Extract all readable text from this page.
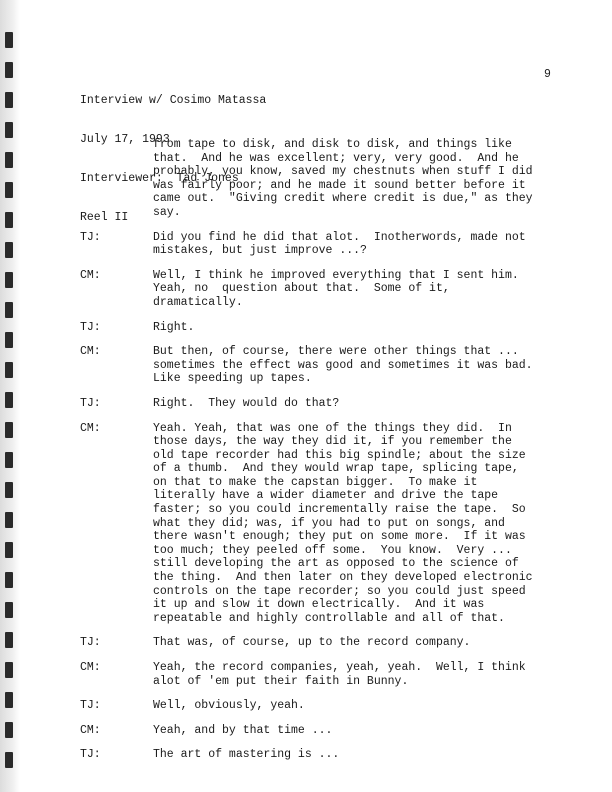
Interview w/ Cosimo Matassa

July 17, 1993

Interviewer:  Tad Jones

Reel II

9
from tape to disk, and disk to disk, and things like
that.  And he was excellent; very, very good.  And he
probably, you know, saved my chestnuts when stuff I did
was fairly poor; and he made it sound better before it
came out.  "Giving credit where credit is due," as they
say.
TJ:	Did you find he did that alot.  Inotherwords, made not
mistakes, but just improve ...?
CM:	Well, I think he improved everything that I sent him.
Yeah, no  question about that.  Some of it,
dramatically.
TJ:	Right.
CM:	But then, of course, there were other things that ...
sometimes the effect was good and sometimes it was bad.
Like speeding up tapes.
TJ:	Right.  They would do that?
CM:	Yeah. Yeah, that was one of the things they did.  In
those days, the way they did it, if you remember the
old tape recorder had this big spindle; about the size
of a thumb.  And they would wrap tape, splicing tape,
on that to make the capstan bigger.  To make it
literally have a wider diameter and drive the tape
faster; so you could incrementally raise the tape.  So
what they did; was, if you had to put on songs, and
there wasn't enough; they put on some more.  If it was
too much; they peeled off some.  You know.  Very ...
still developing the art as opposed to the science of
the thing.  And then later on they developed electronic
controls on the tape recorder; so you could just speed
it up and slow it down electrically.  And it was
repeatable and highly controllable and all of that.
TJ:	That was, of course, up to the record company.
CM:	Yeah, the record companies, yeah, yeah.  Well, I think
alot of 'em put their faith in Bunny.
TJ:	Well, obviously, yeah.
CM:	Yeah, and by that time ...
TJ:	The art of mastering is ...
